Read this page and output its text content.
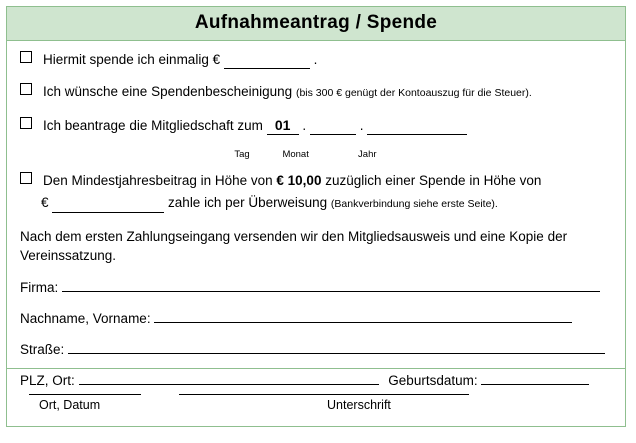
Aufnahmeantrag / Spende
Hiermit spende ich einmalig €	.
Ich wünsche eine Spendenbescheinigung (bis 300 € genügt der Kontoauszug für die Steuer).
Ich beantrage die Mitgliedschaft zum 01 .	.
Tag	Monat	Jahr
Den Mindestjahresbeitrag in Höhe von € 10,00 zuzüglich einer Spende in Höhe von
€	zahle ich per Überweisung (Bankverbindung siehe erste Seite).
Nach dem ersten Zahlungseingang versenden wir den Mitgliedsausweis und eine Kopie der Vereinssatzung.
Firma:
Nachname, Vorname:
Straße:
PLZ, Ort:	Geburtsdatum:
Ort, Datum	Unterschrift
